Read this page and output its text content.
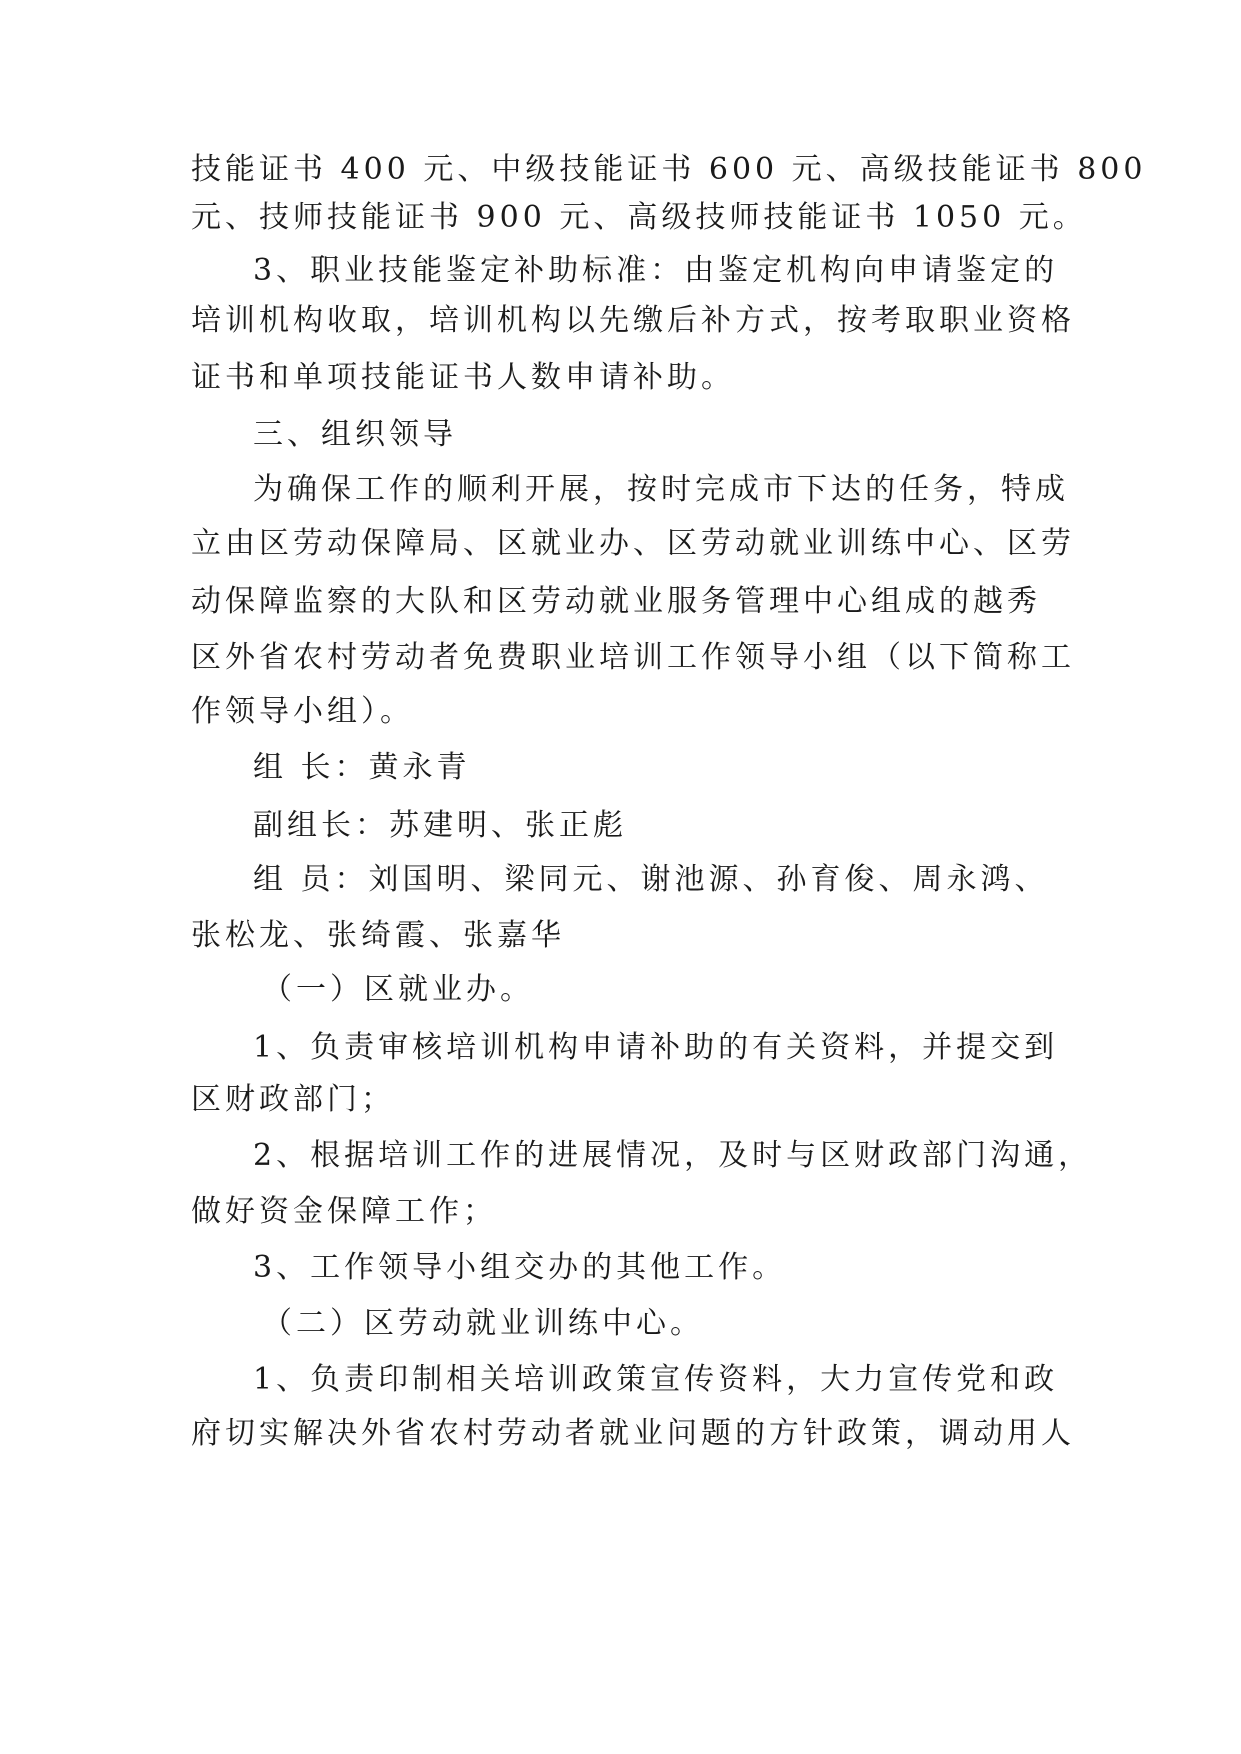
技能证书 400 元、中级技能证书 600 元、高级技能证书 800
元、技师技能证书 900 元、高级技师技能证书 1050 元。
3、职业技能鉴定补助标准：由鉴定机构向申请鉴定的
培训机构收取，培训机构以先缴后补方式，按考取职业资格
证书和单项技能证书人数申请补助。
三、组织领导
为确保工作的顺利开展，按时完成市下达的任务，特成
立由区劳动保障局、区就业办、区劳动就业训练中心、区劳
动保障监察的大队和区劳动就业服务管理中心组成的越秀
区外省农村劳动者免费职业培训工作领导小组（以下简称工
作领导小组）。
组 长：黄永青
副组长：苏建明、张正彪
组 员：刘国明、梁同元、谢池源、孙育俊、周永鸿、
张松龙、张绮霞、张嘉华
（一）区就业办。
1、负责审核培训机构申请补助的有关资料，并提交到
区财政部门；
2、根据培训工作的进展情况，及时与区财政部门沟通，
做好资金保障工作；
3、工作领导小组交办的其他工作。
（二）区劳动就业训练中心。
1、负责印制相关培训政策宣传资料，大力宣传党和政
府切实解决外省农村劳动者就业问题的方针政策，调动用人
